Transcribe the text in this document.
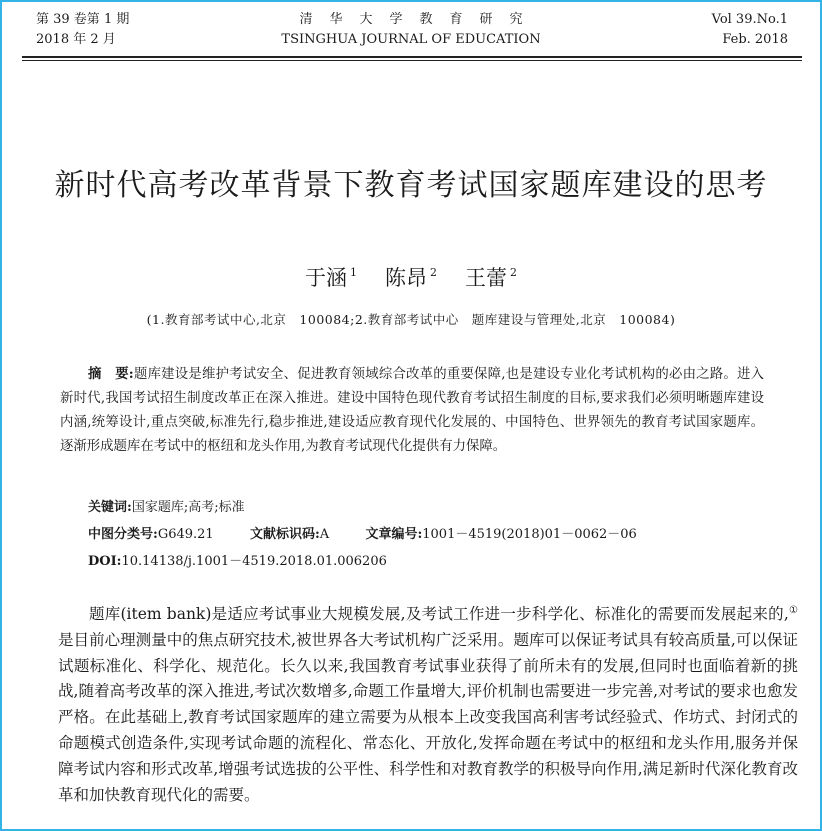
第 39 卷第 1 期
2018 年 2 月
清华大学教育研究
TSINGHUA JOURNAL OF EDUCATION
Vol 39.No.1
Feb. 2018
新时代高考改革背景下教育考试国家题库建设的思考
于涵 $^1$ 陈昂 $^2$ 王蕾 $^2$
(1.教育部考试中心,北京　100084;2.教育部考试中心　题库建设与管理处,北京　100084)

摘　要:题库建设是维护考试安全、促进教育领域综合改革的重要保障,也是建设专业化考试机构的必由之路。进入新时代,我国考试招生制度改革正在深入推进。建设中国特色现代教育考试招生制度的目标,要求我们必须明晰题库建设内涵,统筹设计,重点突破,标准先行,稳步推进,建设适应教育现代化发展的、中国特色、世界领先的教育考试国家题库。逐渐形成题库在考试中的枢纽和龙头作用,为教育考试现代化提供有力保障。

关键词:国家题库;高考;标准
中图分类号:G649.21	文献标识码:A	文章编号:1001－4519(2018)01－0062－06
DOI:10.14138/j.1001－4519.2018.01.006206

题库(item bank)是适应考试事业大规模发展,及考试工作进一步科学化、标准化的需要而发展起来的,①是目前心理测量中的焦点研究技术,被世界各大考试机构广泛采用。题库可以保证考试具有较高质量,可以保证试题标准化、科学化、规范化。长久以来,我国教育考试事业获得了前所未有的发展,但同时也面临着新的挑战,随着高考改革的深入推进,考试次数增多,命题工作量增大,评价机制也需要进一步完善,对考试的要求也愈发严格。在此基础上,教育考试国家题库的建立需要为从根本上改变我国高利害考试经验式、作坊式、封闭式的命题模式创造条件,实现考试命题的流程化、常态化、开放化,发挥命题在考试中的枢纽和龙头作用,服务并保障考试内容和形式改革,增强考试选拔的公平性、科学性和对教育教学的积极导向作用,满足新时代深化教育改革和加快教育现代化的需要。
